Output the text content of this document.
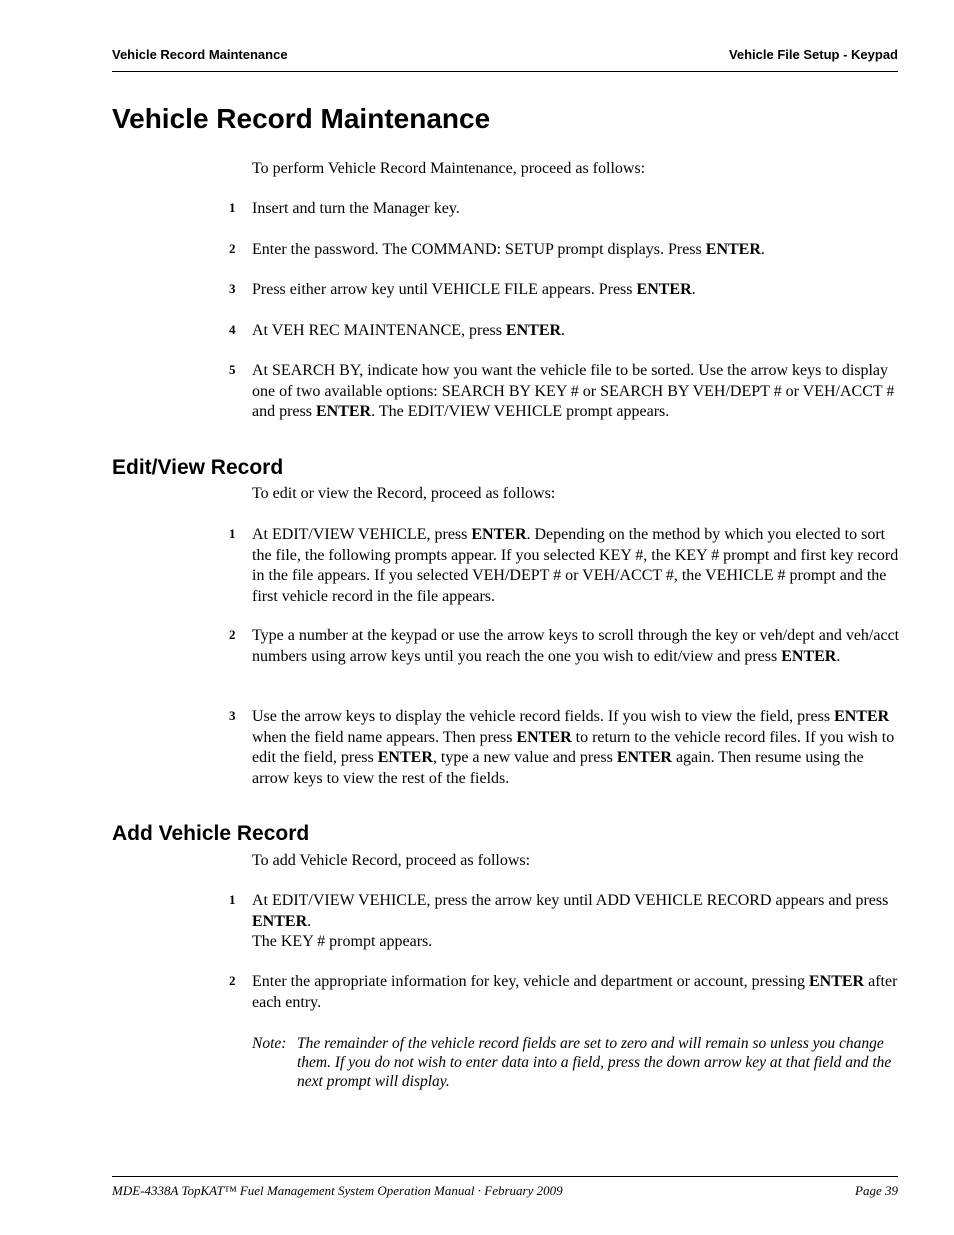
Vehicle Record Maintenance	Vehicle File Setup - Keypad
Vehicle Record Maintenance

To perform Vehicle Record Maintenance, proceed as follows:

1	Insert and turn the Manager key.
2	Enter the password. The COMMAND: SETUP prompt displays. Press ENTER.
3	Press either arrow key until VEHICLE FILE appears. Press ENTER.
4	At VEH REC MAINTENANCE, press ENTER.
5	At SEARCH BY, indicate how you want the vehicle file to be sorted. Use the arrow keys to display one of two available options: SEARCH BY KEY # or SEARCH BY VEH/DEPT # or VEH/ACCT # and press ENTER. The EDIT/VIEW VEHICLE prompt appears.
Edit/View Record

To edit or view the Record, proceed as follows:

1	At EDIT/VIEW VEHICLE, press ENTER. Depending on the method by which you elected to sort the file, the following prompts appear. If you selected KEY #, the KEY # prompt and first key record in the file appears. If you selected VEH/DEPT # or VEH/ACCT #, the VEHICLE # prompt and the first vehicle record in the file appears.
2	Type a number at the keypad or use the arrow keys to scroll through the key or veh/dept and veh/acct numbers using arrow keys until you reach the one you wish to edit/view and press ENTER.
3	Use the arrow keys to display the vehicle record fields. If you wish to view the field, press ENTER when the field name appears. Then press ENTER to return to the vehicle record files. If you wish to edit the field, press ENTER, type a new value and press ENTER again. Then resume using the arrow keys to view the rest of the fields.
Add Vehicle Record

To add Vehicle Record, proceed as follows:

1	At EDIT/VIEW VEHICLE, press the arrow key until ADD VEHICLE RECORD appears and press ENTER.
The KEY # prompt appears.
2	Enter the appropriate information for key, vehicle and department or account, pressing ENTER after each entry.
Note: The remainder of the vehicle record fields are set to zero and will remain so unless you change them. If you do not wish to enter data into a field, press the down arrow key at that field and the next prompt will display.
MDE-4338A TopKAT™ Fuel Management System Operation Manual · February 2009	Page 39
